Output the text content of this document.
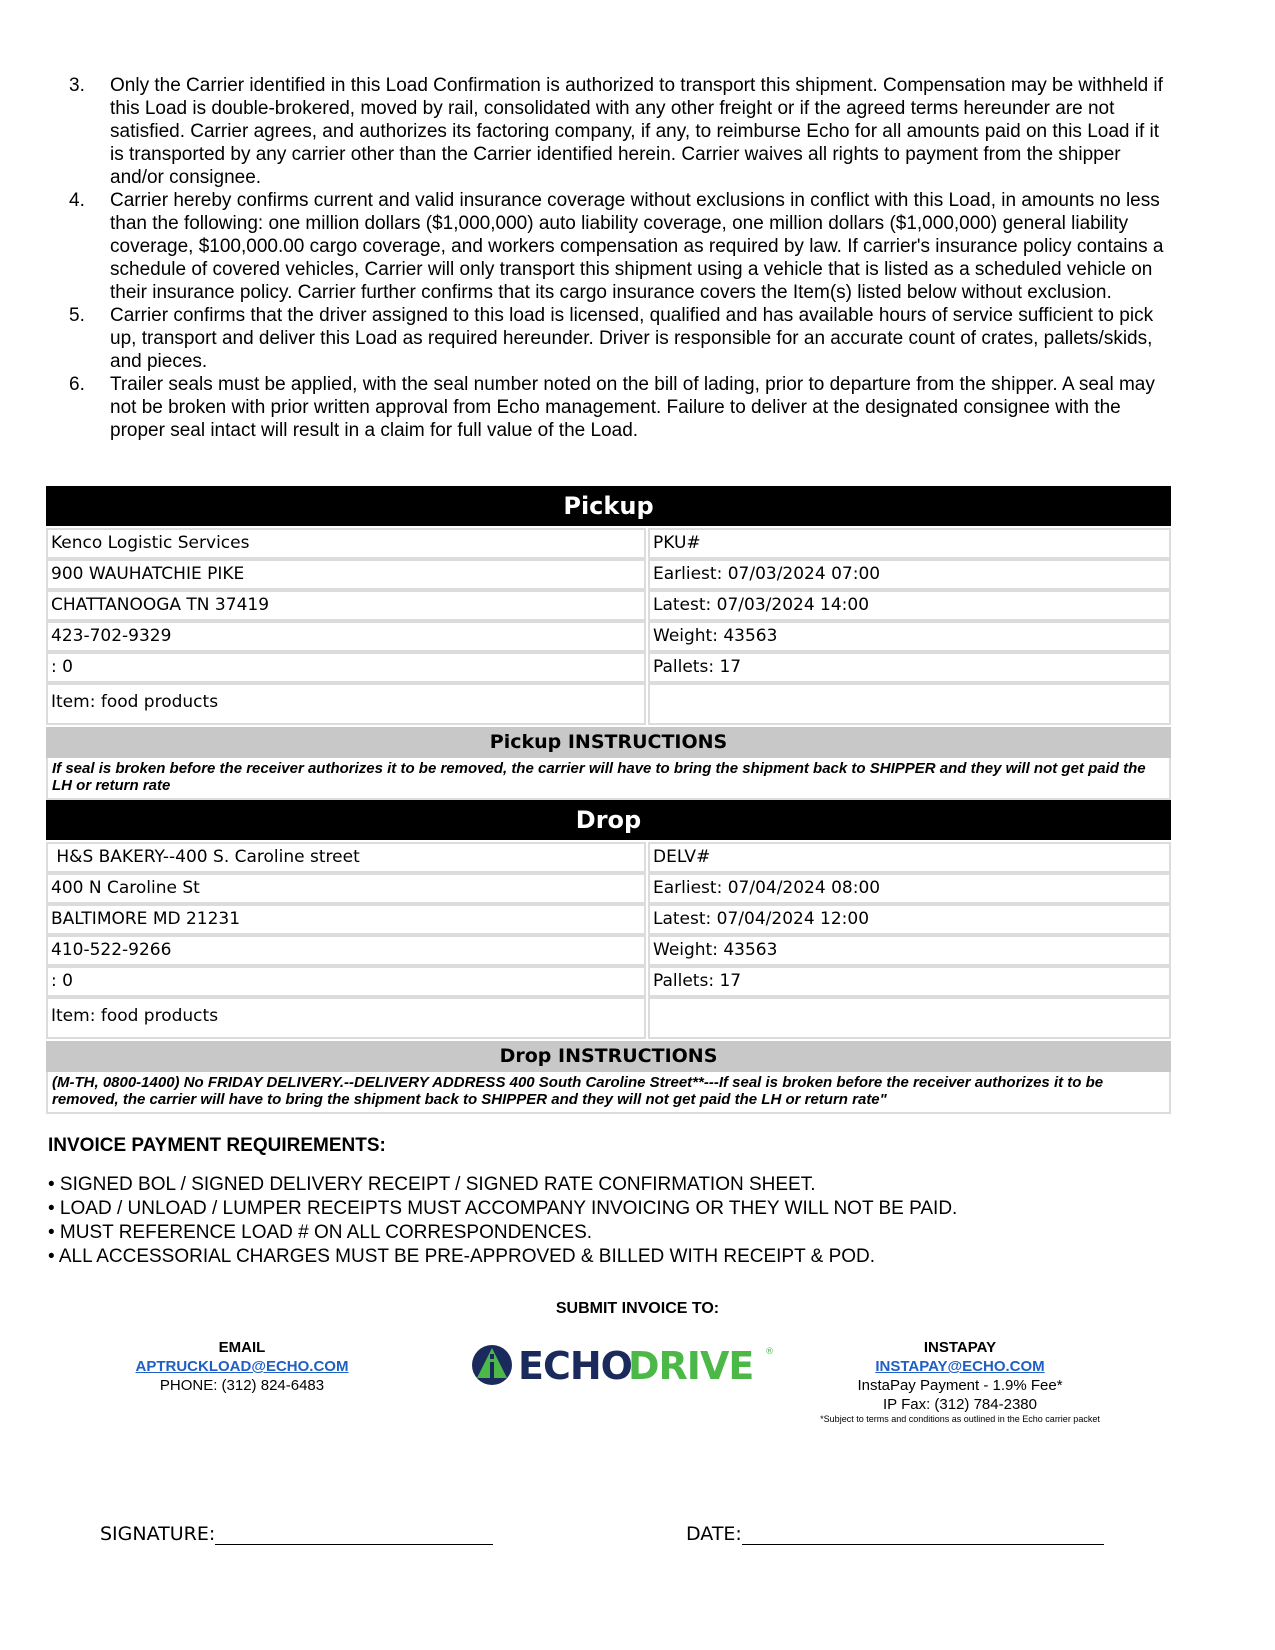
3. Only the Carrier identified in this Load Confirmation is authorized to transport this shipment. Compensation may be withheld if this Load is double-brokered, moved by rail, consolidated with any other freight or if the agreed terms hereunder are not satisfied. Carrier agrees, and authorizes its factoring company, if any, to reimburse Echo for all amounts paid on this Load if it is transported by any carrier other than the Carrier identified herein. Carrier waives all rights to payment from the shipper and/or consignee.
4. Carrier hereby confirms current and valid insurance coverage without exclusions in conflict with this Load, in amounts no less than the following: one million dollars ($1,000,000) auto liability coverage, one million dollars ($1,000,000) general liability coverage, $100,000.00 cargo coverage, and workers compensation as required by law. If carrier's insurance policy contains a schedule of covered vehicles, Carrier will only transport this shipment using a vehicle that is listed as a scheduled vehicle on their insurance policy. Carrier further confirms that its cargo insurance covers the Item(s) listed below without exclusion.
5. Carrier confirms that the driver assigned to this load is licensed, qualified and has available hours of service sufficient to pick up, transport and deliver this Load as required hereunder. Driver is responsible for an accurate count of crates, pallets/skids, and pieces.
6. Trailer seals must be applied, with the seal number noted on the bill of lading, prior to departure from the shipper. A seal may not be broken with prior written approval from Echo management. Failure to deliver at the designated consignee with the proper seal intact will result in a claim for full value of the Load.
Pickup
Kenco Logistic Services	PKU#
900 WAUHATCHIE PIKE	Earliest: 07/03/2024 07:00
CHATTANOOGA TN 37419	Latest: 07/03/2024 14:00
423-702-9329	Weight: 43563
: 0	Pallets: 17
Item: food products
Pickup INSTRUCTIONS
If seal is broken before the receiver authorizes it to be removed, the carrier will have to bring the shipment back to SHIPPER and they will not get paid the LH or return rate
Drop
H&S BAKERY--400 S. Caroline street	DELV#
400 N Caroline St	Earliest: 07/04/2024 08:00
BALTIMORE MD 21231	Latest: 07/04/2024 12:00
410-522-9266	Weight: 43563
: 0	Pallets: 17
Item: food products
Drop INSTRUCTIONS
(M-TH, 0800-1400) No FRIDAY DELIVERY.--DELIVERY ADDRESS 400 South Caroline Street**---If seal is broken before the receiver authorizes it to be removed, the carrier will have to bring the shipment back to SHIPPER and they will not get paid the LH or return rate"
INVOICE PAYMENT REQUIREMENTS:
• SIGNED BOL / SIGNED DELIVERY RECEIPT / SIGNED RATE CONFIRMATION SHEET.
• LOAD / UNLOAD / LUMPER RECEIPTS MUST ACCOMPANY INVOICING OR THEY WILL NOT BE PAID.
• MUST REFERENCE LOAD # ON ALL CORRESPONDENCES.
• ALL ACCESSORIAL CHARGES MUST BE PRE-APPROVED & BILLED WITH RECEIPT & POD.
SUBMIT INVOICE TO:
EMAIL
APTRUCKLOAD@ECHO.COM
PHONE: (312) 824-6483	ECHO
DRIVE ®	INSTAPAY
INSTAPAY@ECHO.COM
InstaPay Payment - 1.9% Fee*
IP Fax: (312) 784-2380
*Subject to terms and conditions as outlined in the Echo carrier packet
SIGNATURE:	DATE:
